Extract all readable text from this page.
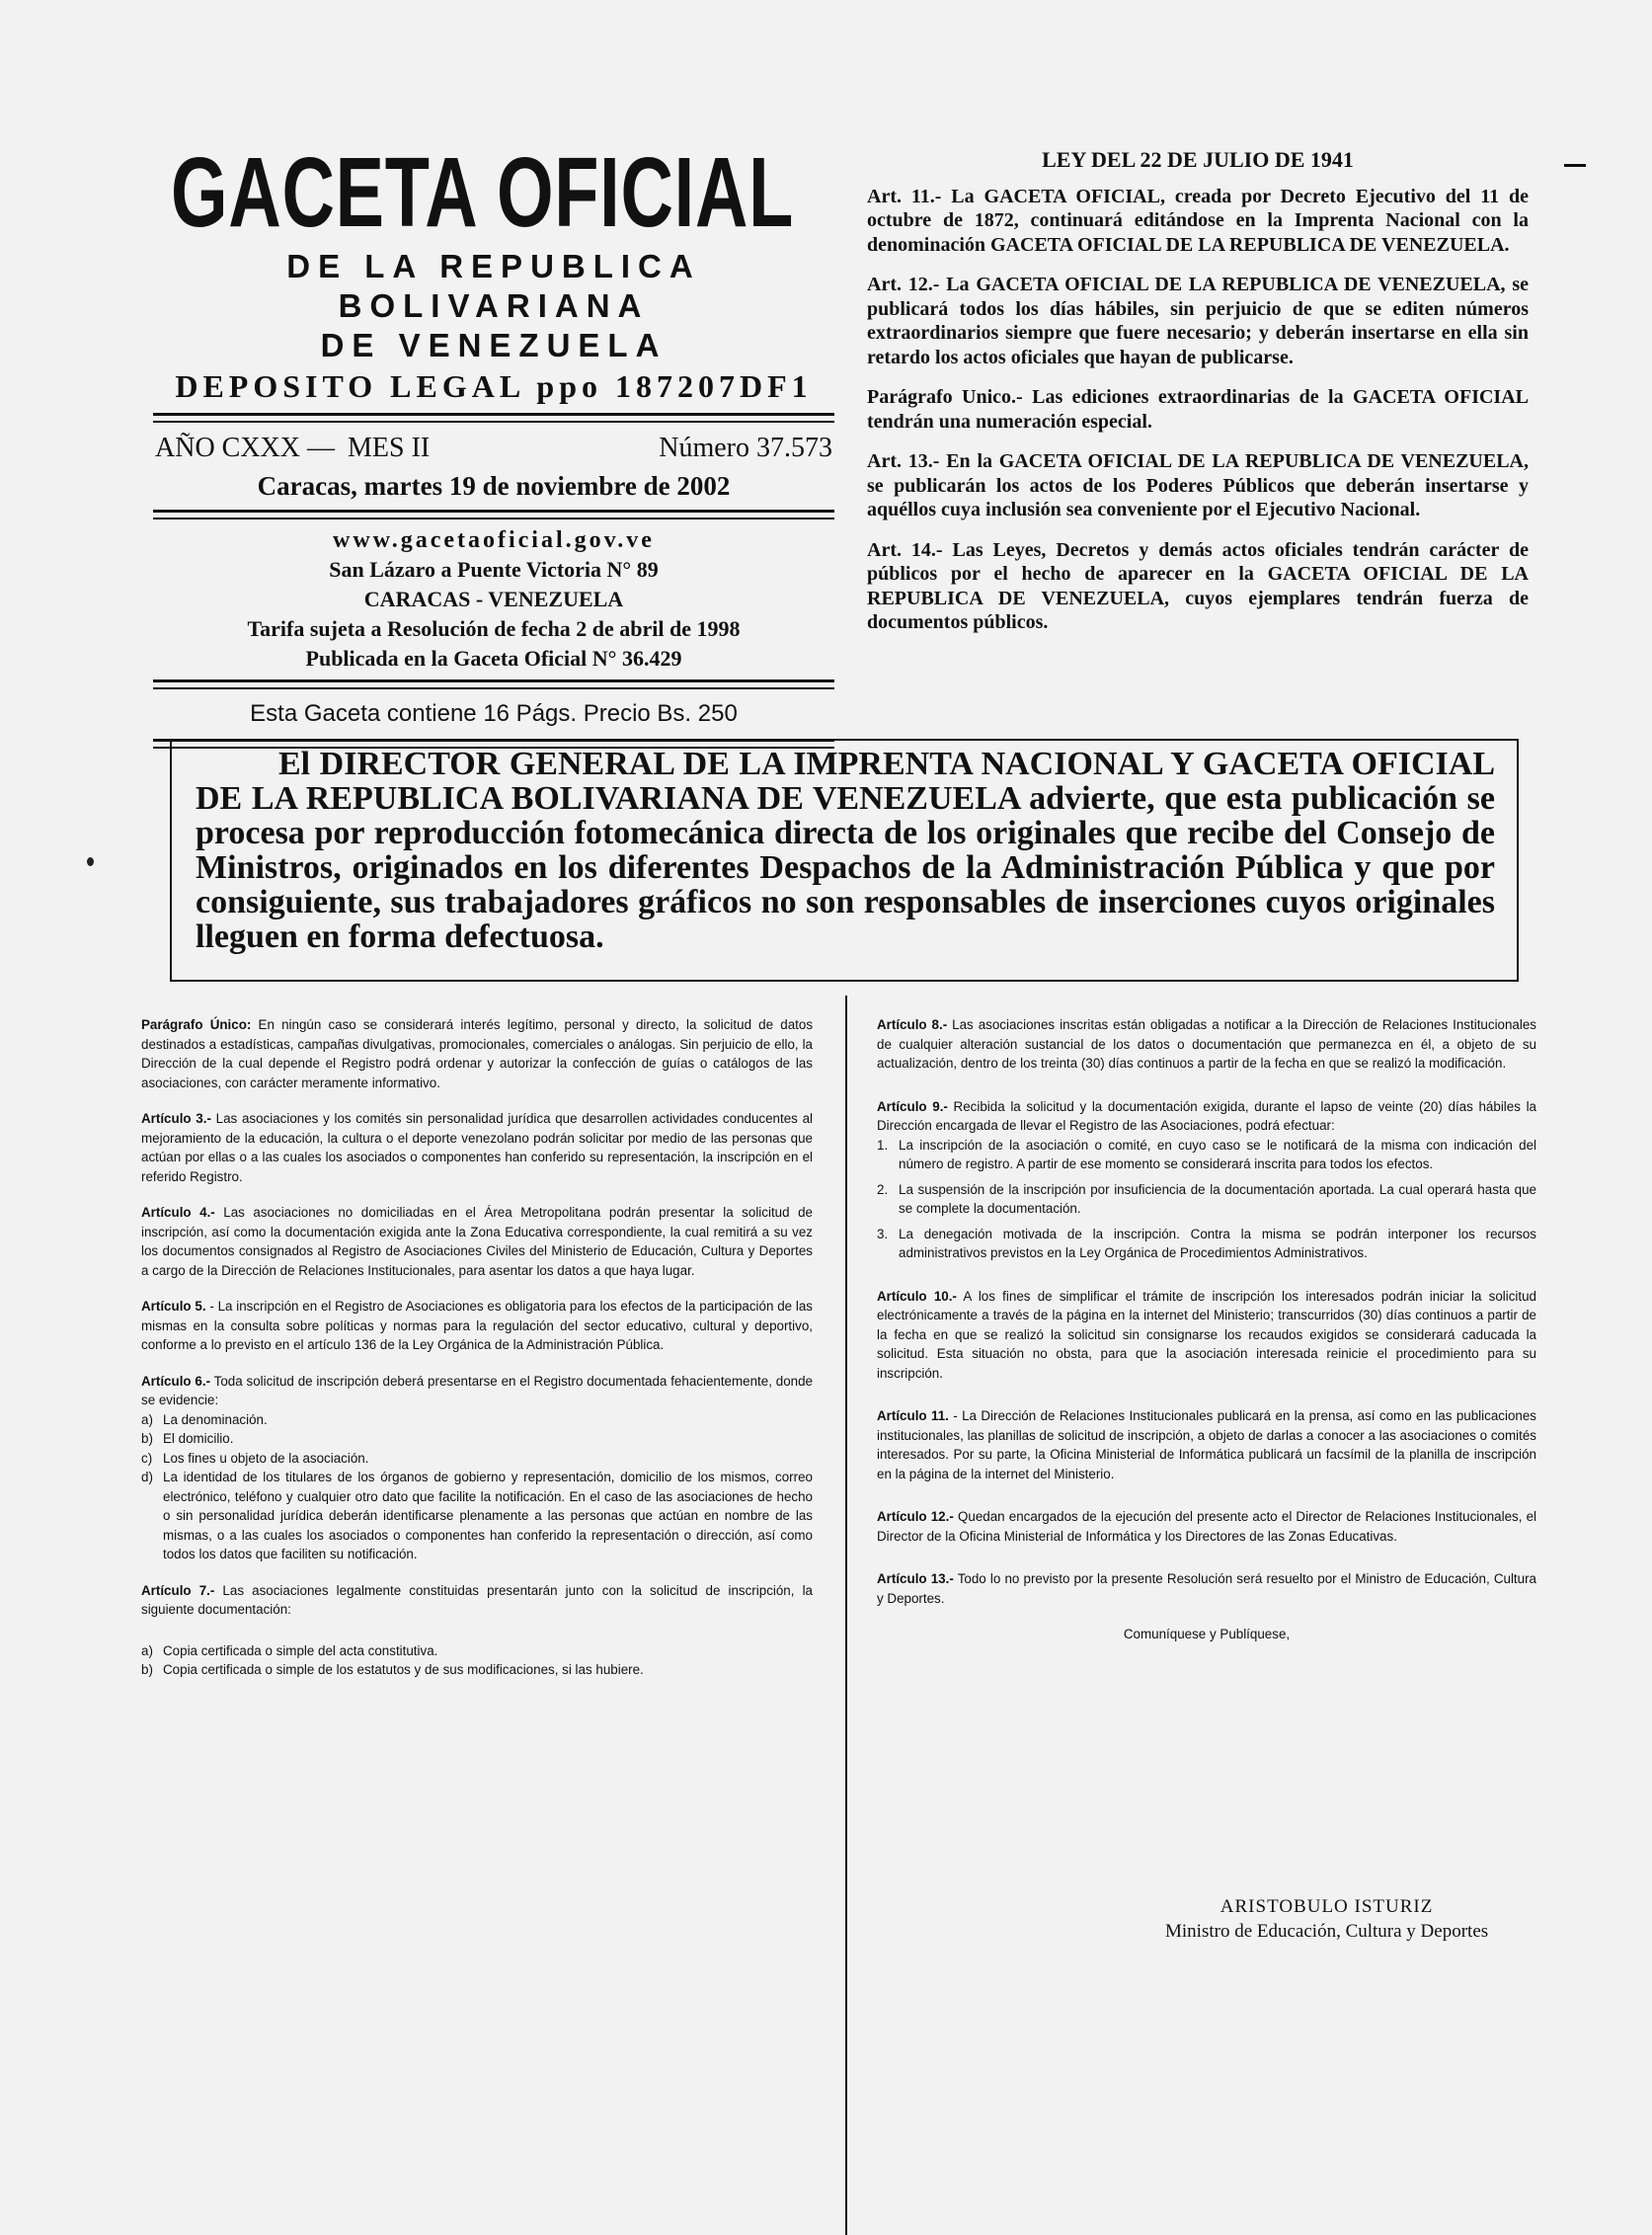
GACETA OFICIAL
DE LA REPUBLICA BOLIVARIANA
DE VENEZUELA
DEPOSITO LEGAL ppo 187207DF1
AÑO CXXX — MES II	Número 37.573
Caracas, martes 19 de noviembre de 2002
www.gacetaoficial.gov.ve
San Lázaro a Puente Victoria N° 89
CARACAS - VENEZUELA
Tarifa sujeta a Resolución de fecha 2 de abril de 1998
Publicada en la Gaceta Oficial N° 36.429
Esta Gaceta contiene 16 Págs. Precio Bs. 250
LEY DEL 22 DE JULIO DE 1941

Art. 11.- La GACETA OFICIAL, creada por Decreto Ejecutivo del 11 de octubre de 1872, continuará editándose en la Imprenta Nacional con la denominación GACETA OFICIAL DE LA REPUBLICA DE VENEZUELA.

Art. 12.- La GACETA OFICIAL DE LA REPUBLICA DE VENEZUELA, se publicará todos los días hábiles, sin perjuicio de que se editen números extraordinarios siempre que fuere necesario; y deberán insertarse en ella sin retardo los actos oficiales que hayan de publicarse.

Parágrafo Unico.- Las ediciones extraordinarias de la GACETA OFICIAL tendrán una numeración especial.

Art. 13.- En la GACETA OFICIAL DE LA REPUBLICA DE VENEZUELA, se publicarán los actos de los Poderes Públicos que deberán insertarse y aquéllos cuya inclusión sea conveniente por el Ejecutivo Nacional.

Art. 14.- Las Leyes, Decretos y demás actos oficiales tendrán carácter de públicos por el hecho de aparecer en la GACETA OFICIAL DE LA REPUBLICA DE VENEZUELA, cuyos ejemplares tendrán fuerza de documentos públicos.

El DIRECTOR GENERAL DE LA IMPRENTA NACIONAL Y GACETA OFICIAL DE LA REPUBLICA BOLIVARIANA DE VENEZUELA advierte, que esta publicación se procesa por reproducción fotomecánica directa de los originales que recibe del Consejo de Ministros, originados en los diferentes Despachos de la Administración Pública y que por consiguiente, sus trabajadores gráficos no son responsables de inserciones cuyos originales lleguen en forma defectuosa.

Parágrafo Único: En ningún caso se considerará interés legítimo, personal y directo, la solicitud de datos destinados a estadísticas, campañas divulgativas, promocionales, comerciales o análogas. Sin perjuicio de ello, la Dirección de la cual depende el Registro podrá ordenar y autorizar la confección de guías o catálogos de las asociaciones, con carácter meramente informativo.

Artículo 3.- Las asociaciones y los comités sin personalidad jurídica que desarrollen actividades conducentes al mejoramiento de la educación, la cultura o el deporte venezolano podrán solicitar por medio de las personas que actúan por ellas o a las cuales los asociados o componentes han conferido su representación, la inscripción en el referido Registro.

Artículo 4.- Las asociaciones no domiciliadas en el Área Metropolitana podrán presentar la solicitud de inscripción, así como la documentación exigida ante la Zona Educativa correspondiente, la cual remitirá a su vez los documentos consignados al Registro de Asociaciones Civiles del Ministerio de Educación, Cultura y Deportes a cargo de la Dirección de Relaciones Institucionales, para asentar los datos a que haya lugar.

Artículo 5. - La inscripción en el Registro de Asociaciones es obligatoria para los efectos de la participación de las mismas en la consulta sobre políticas y normas para la regulación del sector educativo, cultural y deportivo, conforme a lo previsto en el artículo 136 de la Ley Orgánica de la Administración Pública.

Artículo 6.- Toda solicitud de inscripción deberá presentarse en el Registro documentada fehacientemente, donde se evidencie:

a) La denominación.
b) El domicilio.
c) Los fines u objeto de la asociación.
d) La identidad de los titulares de los órganos de gobierno y representación, domicilio de los mismos, correo electrónico, teléfono y cualquier otro dato que facilite la notificación. En el caso de las asociaciones de hecho o sin personalidad jurídica deberán identificarse plenamente a las personas que actúan en nombre de las mismas, o a las cuales los asociados o componentes han conferido la representación o dirección, así como todos los datos que faciliten su notificación.

Artículo 7.- Las asociaciones legalmente constituidas presentarán junto con la solicitud de inscripción, la siguiente documentación:

a) Copia certificada o simple del acta constitutiva.
b) Copia certificada o simple de los estatutos y de sus modificaciones, si las hubiere.

Artículo 8.- Las asociaciones inscritas están obligadas a notificar a la Dirección de Relaciones Institucionales de cualquier alteración sustancial de los datos o documentación que permanezca en él, a objeto de su actualización, dentro de los treinta (30) días continuos a partir de la fecha en que se realizó la modificación.

Artículo 9.- Recibida la solicitud y la documentación exigida, durante el lapso de veinte (20) días hábiles la Dirección encargada de llevar el Registro de las Asociaciones, podrá efectuar:

1. La inscripción de la asociación o comité, en cuyo caso se le notificará de la misma con indicación del número de registro. A partir de ese momento se considerará inscrita para todos los efectos.
2. La suspensión de la inscripción por insuficiencia de la documentación aportada. La cual operará hasta que se complete la documentación.
3. La denegación motivada de la inscripción. Contra la misma se podrán interponer los recursos administrativos previstos en la Ley Orgánica de Procedimientos Administrativos.

Artículo 10.- A los fines de simplificar el trámite de inscripción los interesados podrán iniciar la solicitud electrónicamente a través de la página en la internet del Ministerio; transcurridos (30) días continuos a partir de la fecha en que se realizó la solicitud sin consignarse los recaudos exigidos se considerará caducada la solicitud. Esta situación no obsta, para que la asociación interesada reinicie el procedimiento para su inscripción.

Artículo 11. - La Dirección de Relaciones Institucionales publicará en la prensa, así como en las publicaciones institucionales, las planillas de solicitud de inscripción, a objeto de darlas a conocer a las asociaciones o comités interesados. Por su parte, la Oficina Ministerial de Informática publicará un facsímil de la planilla de inscripción en la página de la internet del Ministerio.

Artículo 12.- Quedan encargados de la ejecución del presente acto el Director de Relaciones Institucionales, el Director de la Oficina Ministerial de Informática y los Directores de las Zonas Educativas.

Artículo 13.- Todo lo no previsto por la presente Resolución será resuelto por el Ministro de Educación, Cultura y Deportes.

Comuníquese y Publíquese,
ARISTOBULO ISTURIZ
Ministro de Educación, Cultura y Deportes
